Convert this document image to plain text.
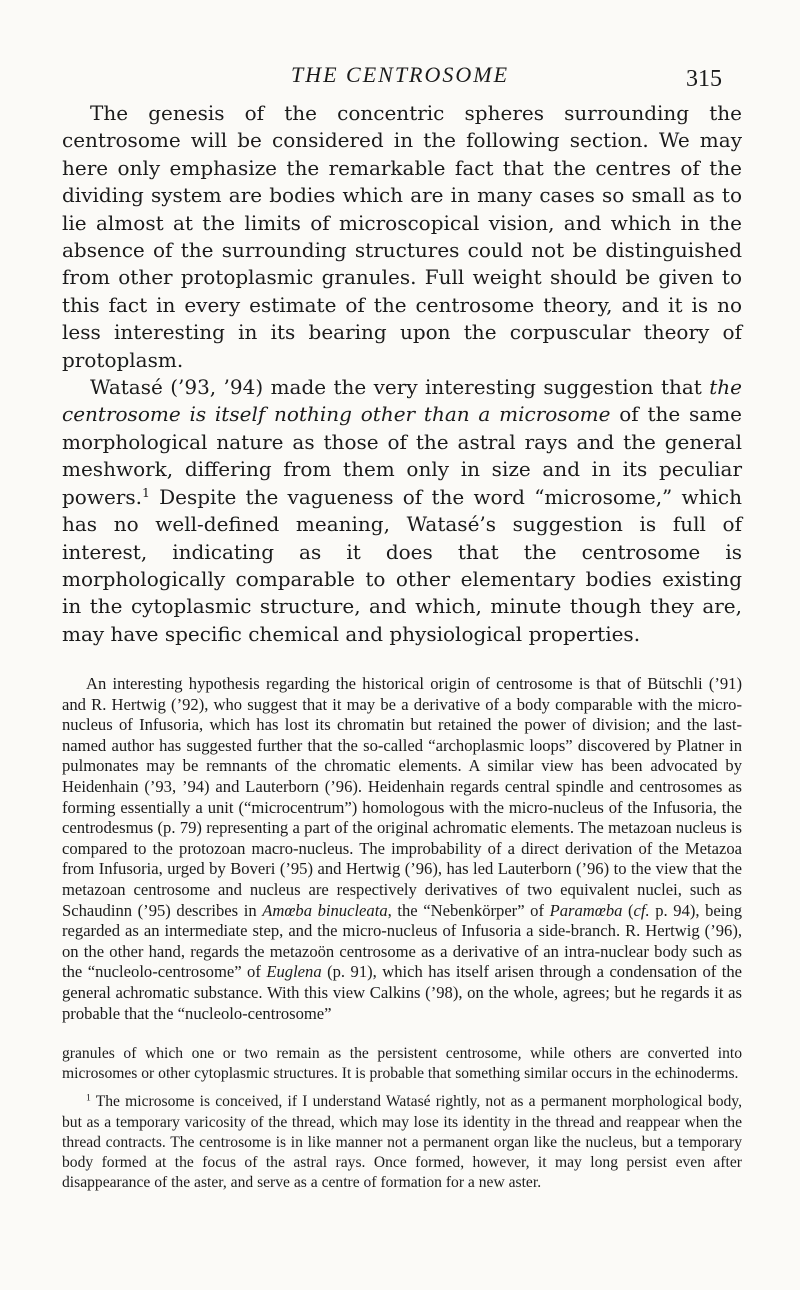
THE CENTROSOME	315

The genesis of the concentric spheres surrounding the centrosome will be considered in the following section. We may here only emphasize the remarkable fact that the centres of the dividing system are bodies which are in many cases so small as to lie almost at the limits of microscopical vision, and which in the absence of the surrounding structures could not be distinguished from other protoplasmic granules. Full weight should be given to this fact in every estimate of the centrosome theory, and it is no less interesting in its bearing upon the corpuscular theory of protoplasm.

Watasé (’93, ’94) made the very interesting suggestion that the centrosome is itself nothing other than a microsome of the same morphological nature as those of the astral rays and the general meshwork, differing from them only in size and in its peculiar powers.$^1$ Despite the vagueness of the word “microsome,” which has no well-defined meaning, Watasé’s suggestion is full of interest, indicating as it does that the centrosome is morphologically comparable to other elementary bodies existing in the cytoplasmic structure, and which, minute though they are, may have specific chemical and physiological properties.

An interesting hypothesis regarding the historical origin of centrosome is that of Bütschli (’91) and R. Hertwig (’92), who suggest that it may be a derivative of a body comparable with the micro-nucleus of Infusoria, which has lost its chromatin but retained the power of division; and the last-named author has suggested further that the so-called “archoplasmic loops” discovered by Platner in pulmonates may be remnants of the chromatic elements. A similar view has been advocated by Heidenhain (’93, ’94) and Lauterborn (’96). Heidenhain regards central spindle and centrosomes as forming essentially a unit (“microcentrum”) homologous with the micro-nucleus of the Infusoria, the centrodesmus (p. 79) representing a part of the original achromatic elements. The metazoan nucleus is compared to the protozoan macro-nucleus. The improbability of a direct derivation of the Metazoa from Infusoria, urged by Boveri (’95) and Hertwig (’96), has led Lauterborn (’96) to the view that the metazoan centrosome and nucleus are respectively derivatives of two equivalent nuclei, such as Schaudinn (’95) describes in Amœba binucleata, the “Nebenkörper” of Paramœba (cf. p. 94), being regarded as an intermediate step, and the micro-nucleus of Infusoria a side-branch. R. Hertwig (’96), on the other hand, regards the metazoön centrosome as a derivative of an intra-nuclear body such as the “nucleolo-centrosome” of Euglena (p. 91), which has itself arisen through a condensation of the general achromatic substance. With this view Calkins (’98), on the whole, agrees; but he regards it as probable that the “nucleolo-centrosome”

granules of which one or two remain as the persistent centrosome, while others are converted into microsomes or other cytoplasmic structures. It is probable that something similar occurs in the echinoderms.

$^1$ The microsome is conceived, if I understand Watasé rightly, not as a permanent morphological body, but as a temporary varicosity of the thread, which may lose its identity in the thread and reappear when the thread contracts. The centrosome is in like manner not a permanent organ like the nucleus, but a temporary body formed at the focus of the astral rays. Once formed, however, it may long persist even after disappearance of the aster, and serve as a centre of formation for a new aster.
